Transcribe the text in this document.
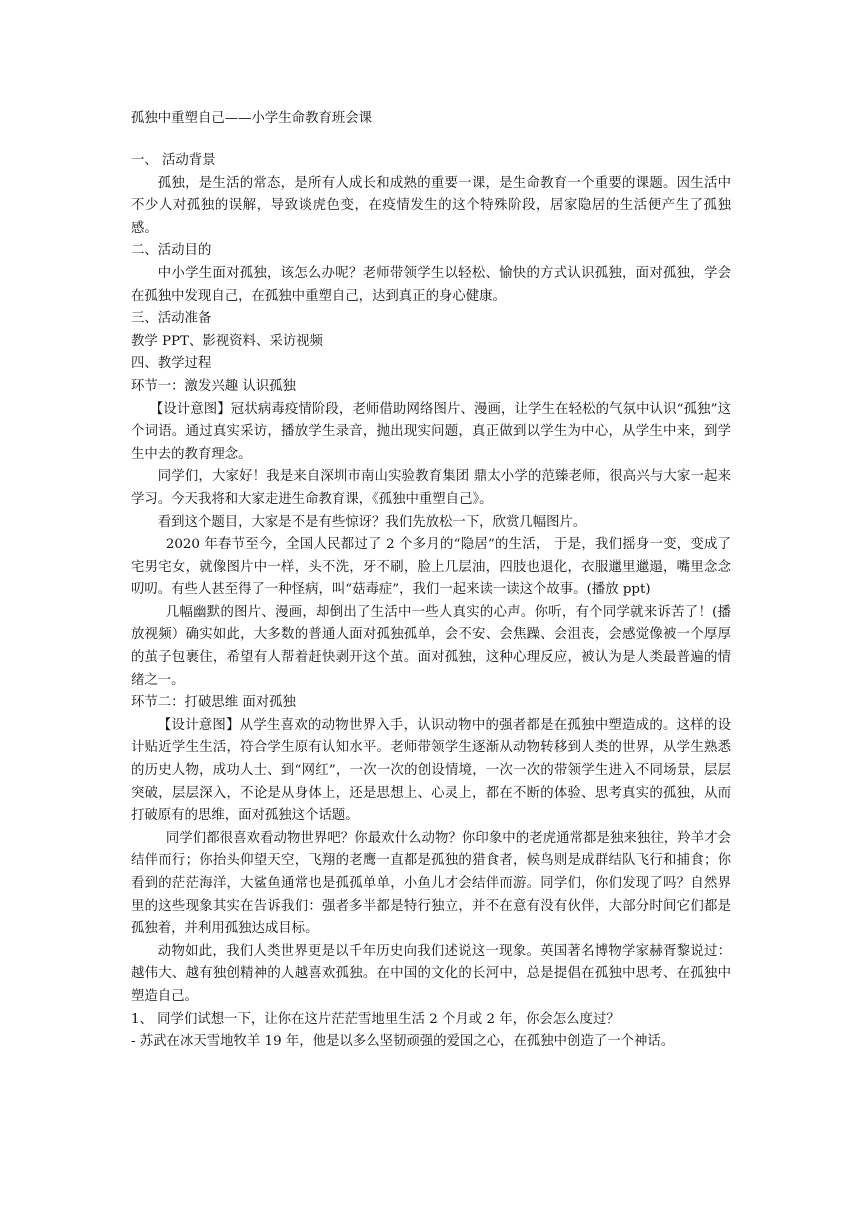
孤独中重塑自己——小学生命教育班会课

一、 活动背景

孤独，是生活的常态，是所有人成长和成熟的重要一课，是生命教育一个重要的课题。因生活中不少人对孤独的误解，导致谈虎色变，在疫情发生的这个特殊阶段，居家隐居的生活便产生了孤独感。

二、活动目的

中小学生面对孤独，该怎么办呢？老师带领学生以轻松、愉快的方式认识孤独，面对孤独，学会在孤独中发现自己，在孤独中重塑自己，达到真正的身心健康。

三、活动准备

教学 PPT、影视资料、采访视频

四、教学过程

环节一：激发兴趣 认识孤独

【设计意图】冠状病毒疫情阶段，老师借助网络图片、漫画，让学生在轻松的气氛中认识“孤独”这个词语。通过真实采访，播放学生录音，抛出现实问题，真正做到以学生为中心，从学生中来，到学生中去的教育理念。

同学们，大家好！我是来自深圳市南山实验教育集团 鼎太小学的范臻老师，很高兴与大家一起来学习。今天我将和大家走进生命教育课，《孤独中重塑自己》。

看到这个题目，大家是不是有些惊讶？我们先放松一下，欣赏几幅图片。

2020 年春节至今，全国人民都过了 2 个多月的“隐居”的生活， 于是，我们摇身一变，变成了宅男宅女，就像图片中一样，头不洗，牙不刷，脸上几层油，四肢也退化，衣服邋里邋遢，嘴里念念叨叨。有些人甚至得了一种怪病，叫“菇毒症”，我们一起来读一读这个故事。(播放 ppt)

几幅幽默的图片、漫画，却倒出了生活中一些人真实的心声。你听，有个同学就来诉苦了！(播放视频）确实如此，大多数的普通人面对孤独孤单，会不安、会焦躁、会沮丧，会感觉像被一个厚厚的茧子包裹住，希望有人帮着赶快剥开这个茧。面对孤独，这种心理反应，被认为是人类最普遍的情绪之一。

环节二：打破思维 面对孤独

【设计意图】从学生喜欢的动物世界入手，认识动物中的强者都是在孤独中塑造成的。这样的设计贴近学生生活，符合学生原有认知水平。老师带领学生逐渐从动物转移到人类的世界，从学生熟悉的历史人物，成功人士、到“网红”，一次一次的创设情境，一次一次的带领学生进入不同场景，层层突破，层层深入，不论是从身体上，还是思想上、心灵上，都在不断的体验、思考真实的孤独，从而打破原有的思维，面对孤独这个话题。

同学们都很喜欢看动物世界吧？你最欢什么动物？你印象中的老虎通常都是独来独往，羚羊才会结伴而行；你抬头仰望天空，飞翔的老鹰一直都是孤独的猎食者，候鸟则是成群结队飞行和捕食；你看到的茫茫海洋，大鲨鱼通常也是孤孤单单，小鱼儿才会结伴而游。同学们，你们发现了吗？自然界里的这些现象其实在告诉我们：强者多半都是特行独立，并不在意有没有伙伴，大部分时间它们都是孤独着，并利用孤独达成目标。

动物如此，我们人类世界更是以千年历史向我们述说这一现象。英国著名博物学家赫胥黎说过：越伟大、越有独创精神的人越喜欢孤独。在中国的文化的长河中，总是提倡在孤独中思考、在孤独中塑造自己。

1、 同学们试想一下，让你在这片茫茫雪地里生活 2 个月或 2 年，你会怎么度过？

- 苏武在冰天雪地牧羊 19 年，他是以多么坚韧顽强的爱国之心，在孤独中创造了一个神话。
